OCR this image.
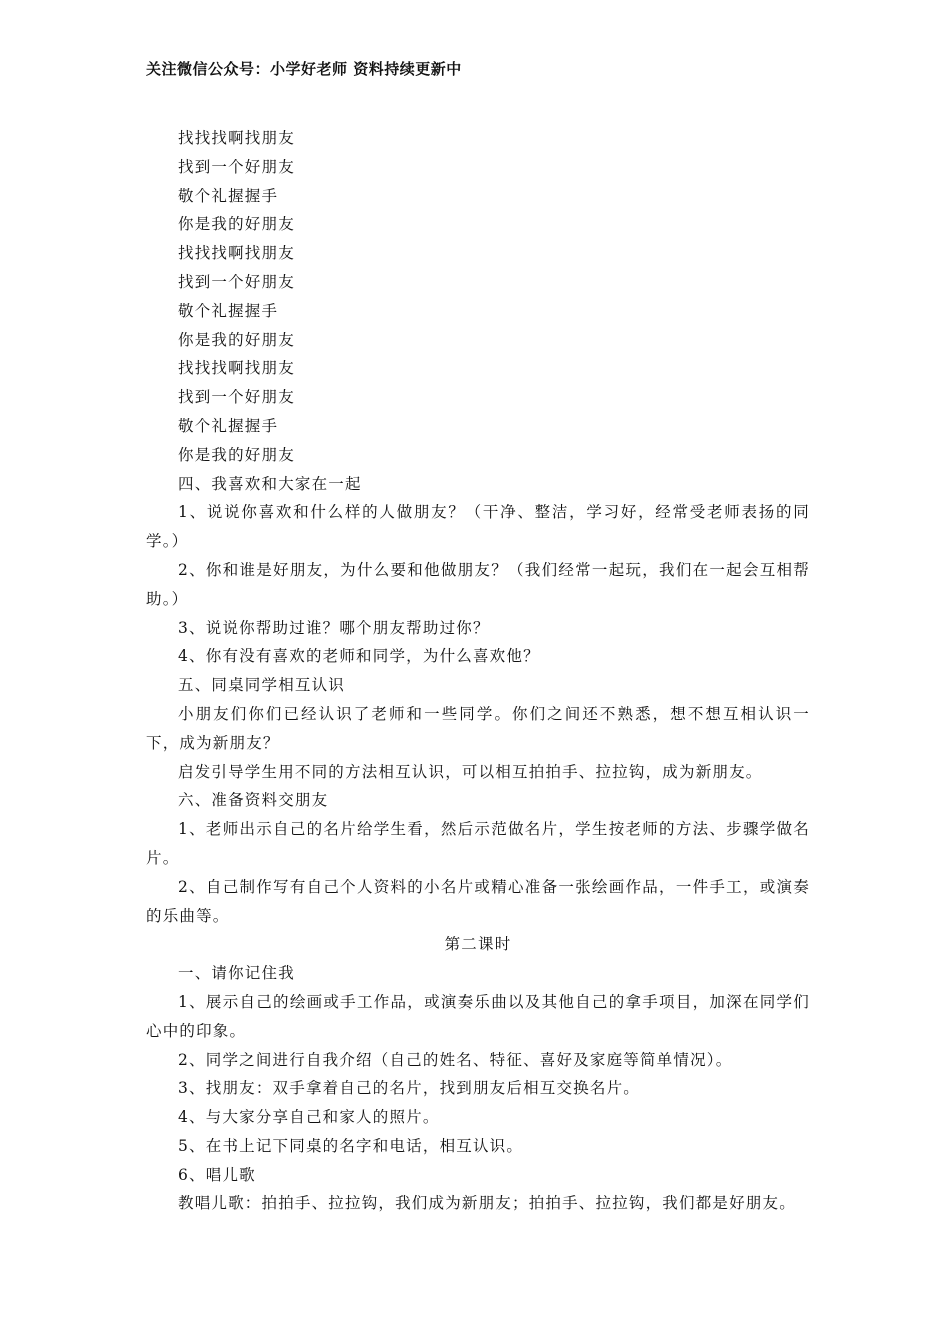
关注微信公众号：小学好老师 资料持续更新中

找找找啊找朋友

找到一个好朋友

敬个礼握握手

你是我的好朋友

找找找啊找朋友

找到一个好朋友

敬个礼握握手

你是我的好朋友

找找找啊找朋友

找到一个好朋友

敬个礼握握手

你是我的好朋友

四、我喜欢和大家在一起

1、说说你喜欢和什么样的人做朋友？（干净、整洁，学习好，经常受老师表扬的同学。）

2、你和谁是好朋友，为什么要和他做朋友？（我们经常一起玩，我们在一起会互相帮助。）

3、说说你帮助过谁？哪个朋友帮助过你？

4、你有没有喜欢的老师和同学，为什么喜欢他？

五、同桌同学相互认识

小朋友们你们已经认识了老师和一些同学。你们之间还不熟悉，想不想互相认识一下，成为新朋友？

启发引导学生用不同的方法相互认识，可以相互拍拍手、拉拉钩，成为新朋友。

六、准备资料交朋友

1、老师出示自己的名片给学生看，然后示范做名片，学生按老师的方法、步骤学做名片。

2、自己制作写有自己个人资料的小名片或精心准备一张绘画作品，一件手工，或演奏的乐曲等。

第二课时

一、请你记住我

1、展示自己的绘画或手工作品，或演奏乐曲以及其他自己的拿手项目，加深在同学们心中的印象。

2、同学之间进行自我介绍（自己的姓名、特征、喜好及家庭等简单情况）。

3、找朋友：双手拿着自己的名片，找到朋友后相互交换名片。

4、与大家分享自己和家人的照片。

5、在书上记下同桌的名字和电话，相互认识。

6、唱儿歌

教唱儿歌：拍拍手、拉拉钩，我们成为新朋友；拍拍手、拉拉钩，我们都是好朋友。
